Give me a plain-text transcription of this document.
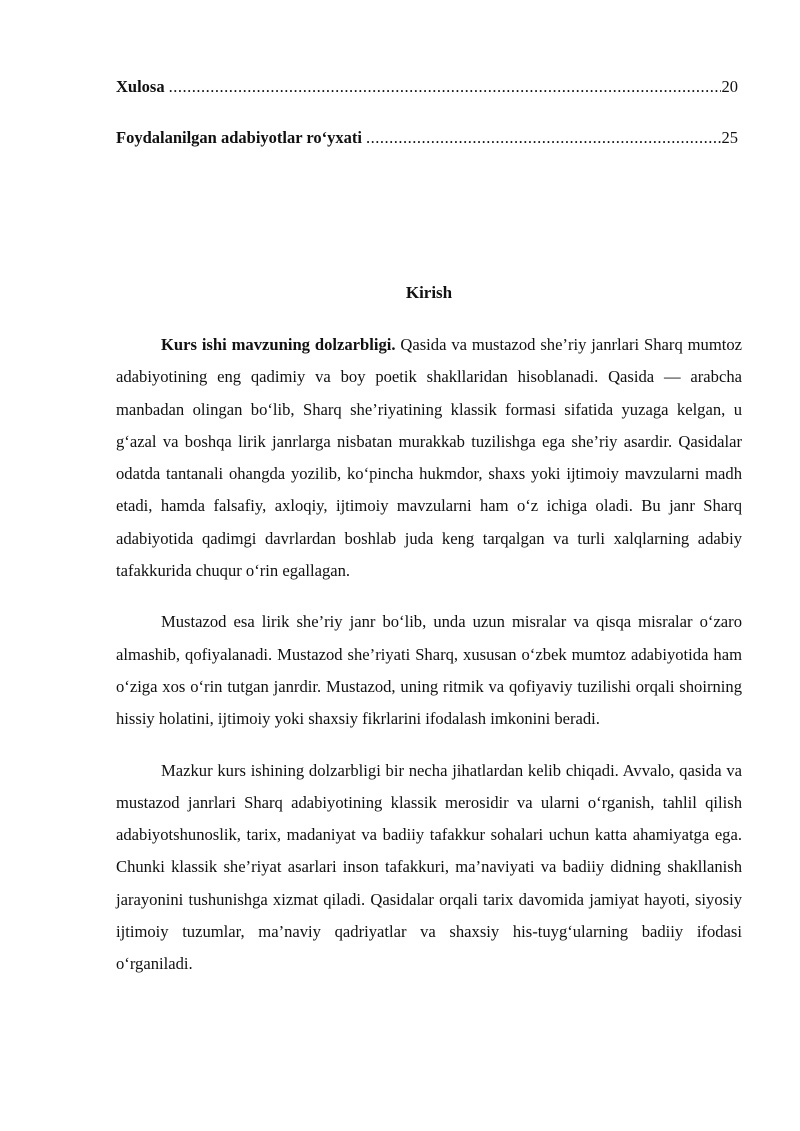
Xulosa .....	20
Foydalanilgan adabiyotlar ro‘yxati .....	25
Kirish

Kurs ishi mavzuning dolzarbligi. Qasida va mustazod she’riy janrlari Sharq mumtoz adabiyotining eng qadimiy va boy poetik shakllaridan hisoblanadi. Qasida — arabcha manbadan olingan bo‘lib, Sharq she’riyatining klassik formasi sifatida yuzaga kelgan, u g‘azal va boshqa lirik janrlarga nisbatan murakkab tuzilishga ega she’riy asardir. Qasidalar odatda tantanali ohangda yozilib, ko‘pincha hukmdor, shaxs yoki ijtimoiy mavzularni madh etadi, hamda falsafiy, axloqiy, ijtimoiy mavzularni ham o‘z ichiga oladi. Bu janr Sharq adabiyotida qadimgi davrlardan boshlab juda keng tarqalgan va turli xalqlarning adabiy tafakkurida chuqur o‘rin egallagan.

Mustazod esa lirik she’riy janr bo‘lib, unda uzun misralar va qisqa misralar o‘zaro almashib, qofiyalanadi. Mustazod she’riyati Sharq, xususan o‘zbek mumtoz adabiyotida ham o‘ziga xos o‘rin tutgan janrdir. Mustazod, uning ritmik va qofiyaviy tuzilishi orqali shoirning hissiy holatini, ijtimoiy yoki shaxsiy fikrlarini ifodalash imkonini beradi.

Mazkur kurs ishining dolzarbligi bir necha jihatlardan kelib chiqadi. Avvalo, qasida va mustazod janrlari Sharq adabiyotining klassik merosidir va ularni o‘rganish, tahlil qilish adabiyotshunoslik, tarix, madaniyat va badiiy tafakkur sohalari uchun katta ahamiyatga ega. Chunki klassik she’riyat asarlari inson tafakkuri, ma’naviyati va badiiy didning shakllanish jarayonini tushunishga xizmat qiladi. Qasidalar orqali tarix davomida jamiyat hayoti, siyosiy ijtimoiy tuzumlar, ma’naviy qadriyatlar va shaxsiy his-tuyg‘ularning badiiy ifodasi o‘rganiladi.
